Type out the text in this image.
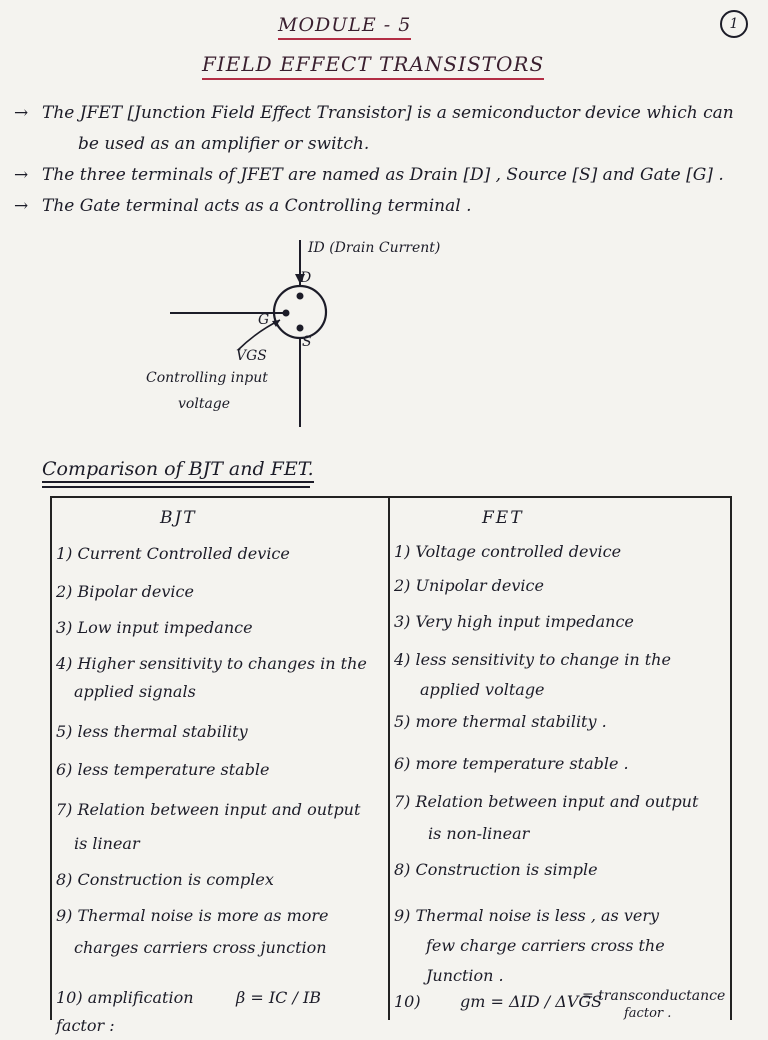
1
MODULE - 5
FIELD EFFECT TRANSISTORS
→ The JFET [Junction Field Effect Transistor] is a semiconductor device which can
be used as an amplifier or switch.
→ The three terminals of JFET are named as Drain [D] , Source [S] and Gate [G] .
→ The Gate terminal acts as a Controlling terminal .
ID (Drain Current)
D
G
S
VGS
Controlling input
voltage
Comparison of BJT and FET.
BJT	FET
1) Current Controlled device
2) Bipolar device
3) Low input impedance
4) Higher sensitivity to changes in the
applied signals
5) less thermal stability
6) less temperature stable
7) Relation between input and output
is linear
8) Construction is complex
9) Thermal noise is more as more
charges carriers cross junction
10) amplification factor :
β = IC / IB
1) Voltage controlled device
2) Unipolar device
3) Very high input impedance
4) less sensitivity to change in the
applied voltage
5) more thermal stability .
6) more temperature stable .
7) Relation between input and output
is non-linear
8) Construction is simple
9) Thermal noise is less , as very
few charge carriers cross the
Junction .
10)	gm = ΔID / ΔVGS
= transconductance
factor .
